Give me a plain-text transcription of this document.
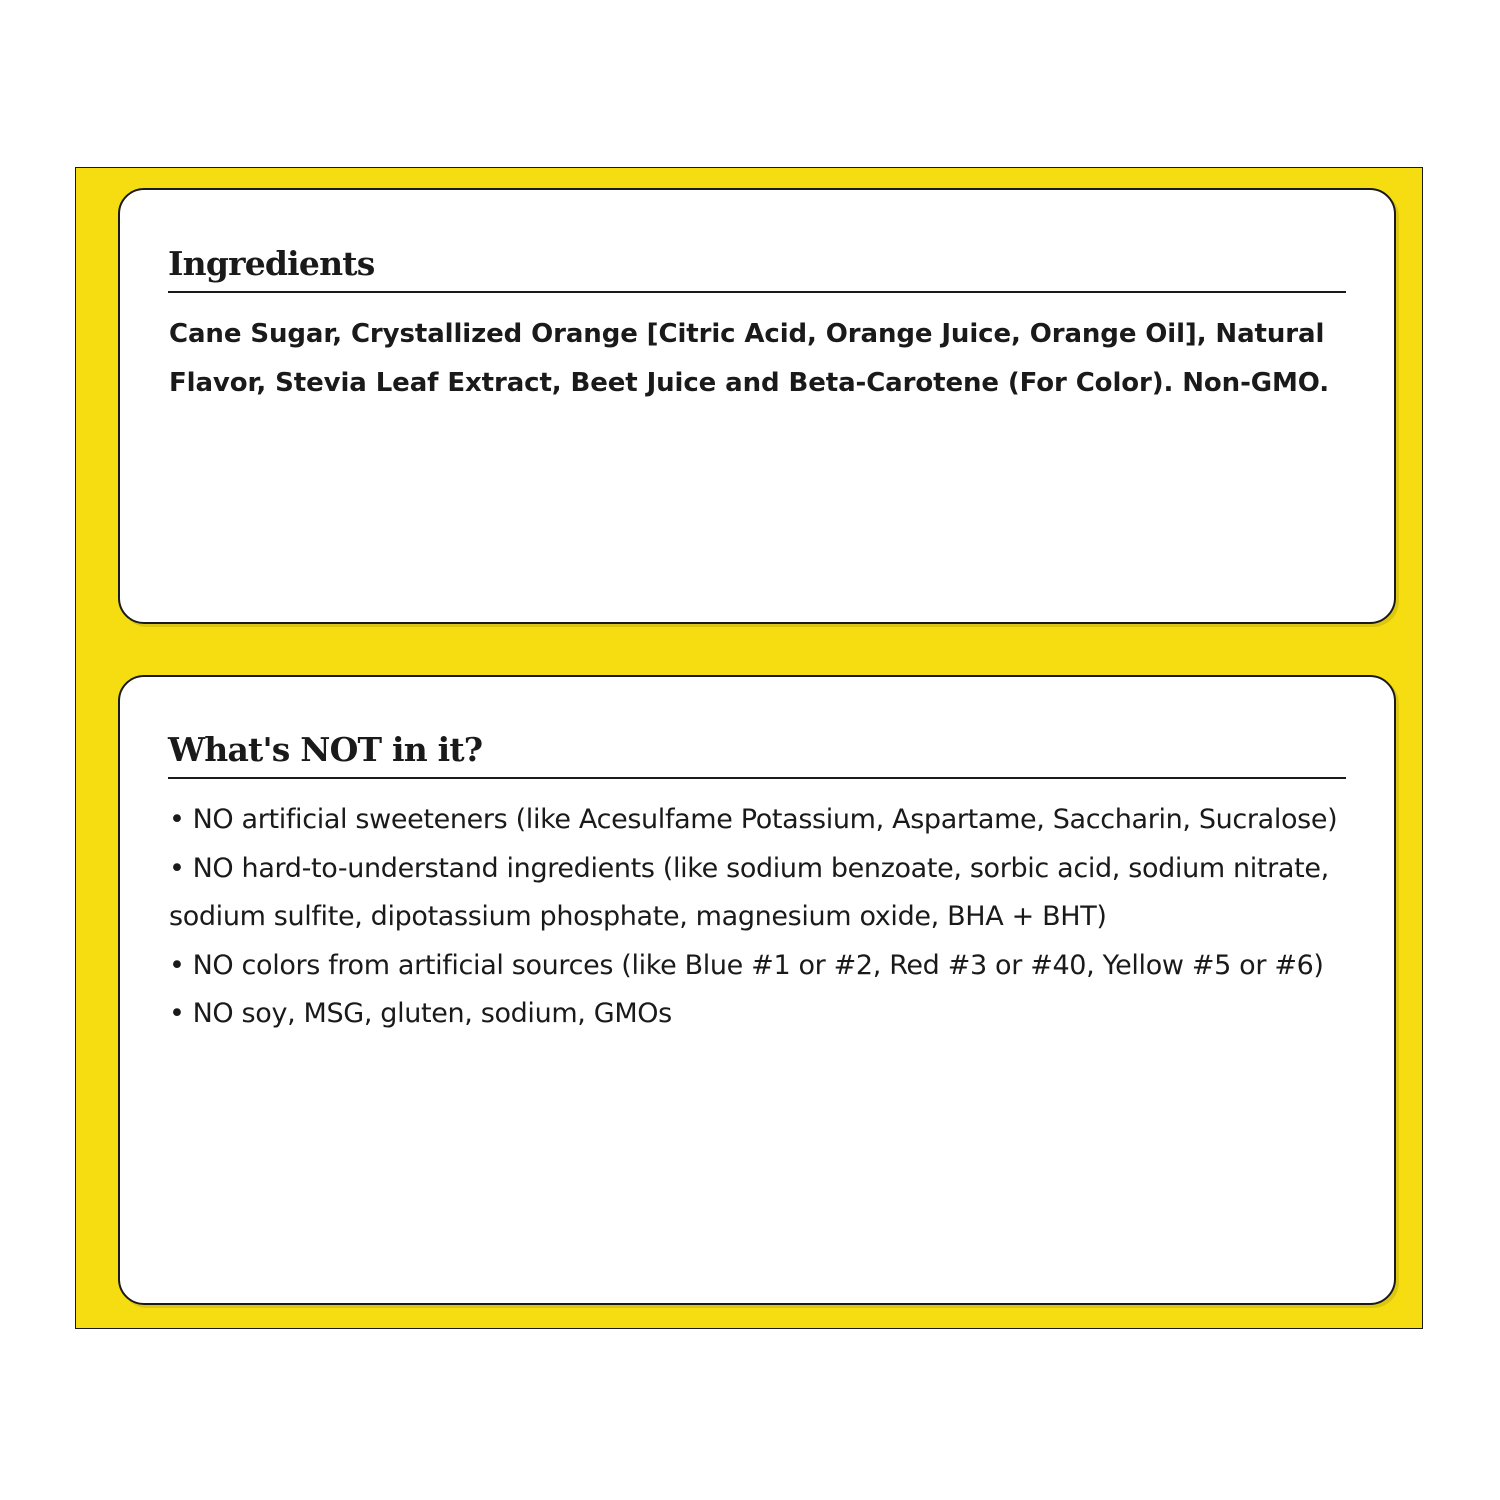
Ingredients

Cane Sugar, Crystallized Orange [Citric Acid, Orange Juice, Orange Oil], Natural Flavor, Stevia Leaf Extract, Beet Juice and Beta-Carotene (For Color). Non-GMO.

What's NOT in it?
• NO artificial sweeteners (like Acesulfame Potassium, Aspartame, Saccharin, Sucralose)
• NO hard-to-understand ingredients (like sodium benzoate, sorbic acid, sodium nitrate, sodium sulfite, dipotassium phosphate, magnesium oxide, BHA + BHT)
• NO colors from artificial sources (like Blue #1 or #2, Red #3 or #40, Yellow #5 or #6)
• NO soy, MSG, gluten, sodium, GMOs
